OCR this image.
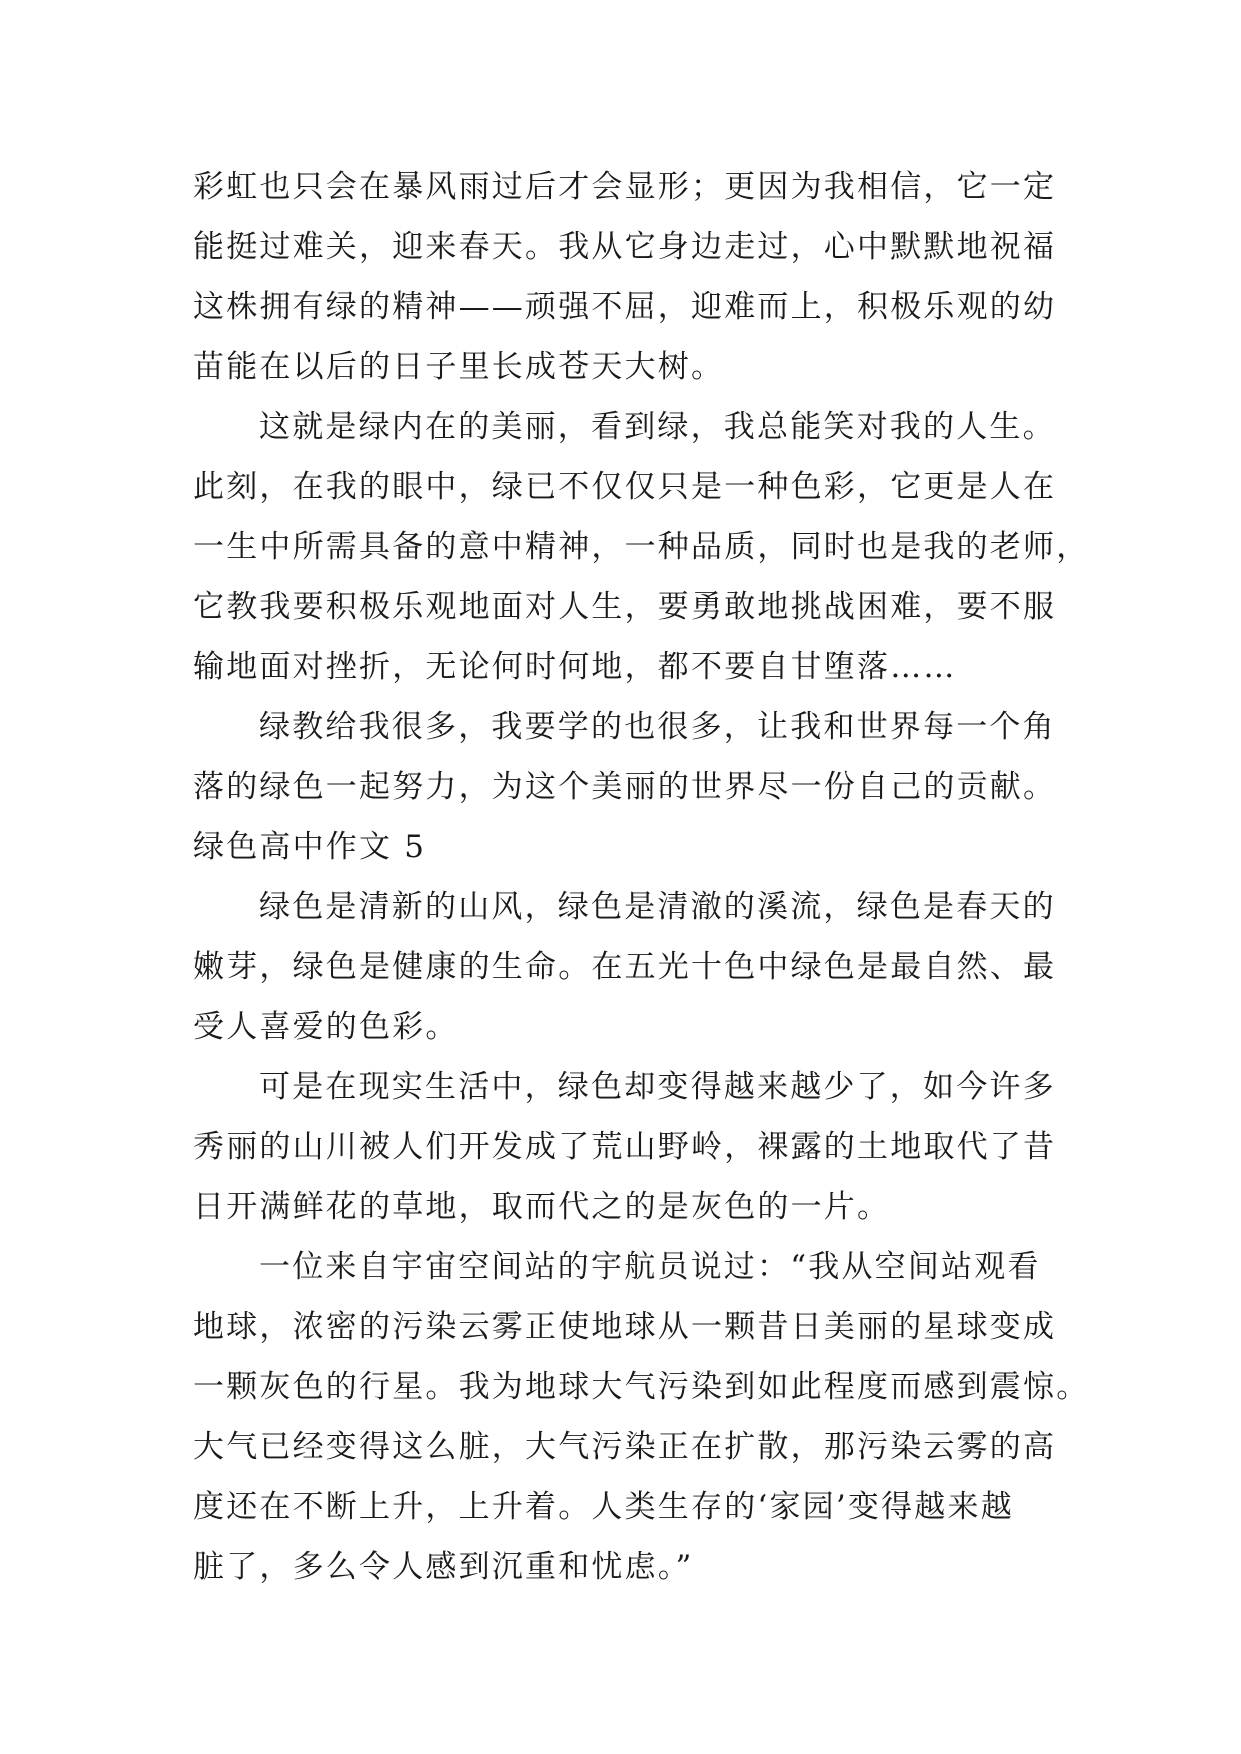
彩虹也只会在暴风雨过后才会显形；更因为我相信，它一定
能挺过难关，迎来春天。我从它身边走过，心中默默地祝福
这株拥有绿的精神——顽强不屈，迎难而上，积极乐观的幼
苗能在以后的日子里长成苍天大树。
这就是绿内在的美丽，看到绿，我总能笑对我的人生。
此刻，在我的眼中，绿已不仅仅只是一种色彩，它更是人在
一生中所需具备的意中精神，一种品质，同时也是我的老师，
它教我要积极乐观地面对人生，要勇敢地挑战困难，要不服
输地面对挫折，无论何时何地，都不要自甘堕落……
绿教给我很多，我要学的也很多，让我和世界每一个角
落的绿色一起努力，为这个美丽的世界尽一份自己的贡献。
绿色高中作文 5
绿色是清新的山风，绿色是清澈的溪流，绿色是春天的
嫩芽，绿色是健康的生命。在五光十色中绿色是最自然、最
受人喜爱的色彩。
可是在现实生活中，绿色却变得越来越少了，如今许多
秀丽的山川被人们开发成了荒山野岭，裸露的土地取代了昔
日开满鲜花的草地，取而代之的是灰色的一片。
一位来自宇宙空间站的宇航员说过：“我从空间站观看
地球，浓密的污染云雾正使地球从一颗昔日美丽的星球变成
一颗灰色的行星。我为地球大气污染到如此程度而感到震惊。
大气已经变得这么脏，大气污染正在扩散，那污染云雾的高
度还在不断上升，上升着。人类生存的‘家园’变得越来越
脏了，多么令人感到沉重和忧虑。”
